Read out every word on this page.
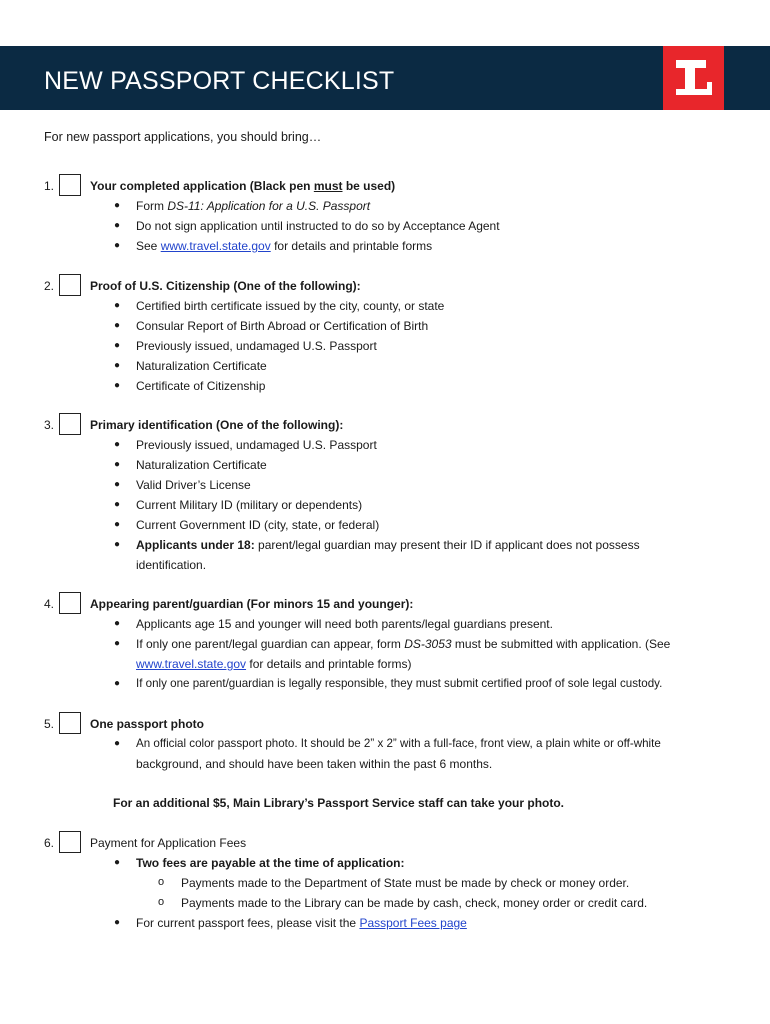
NEW PASSPORT CHECKLIST
For new passport applications, you should bring…
1.	Your completed application (Black pen must be used)
● Form DS-11: Application for a U.S. Passport
● Do not sign application until instructed to do so by Acceptance Agent
● See www.travel.state.gov for details and printable forms
2.	Proof of U.S. Citizenship (One of the following):
● Certified birth certificate issued by the city, county, or state
● Consular Report of Birth Abroad or Certification of Birth
● Previously issued, undamaged U.S. Passport
● Naturalization Certificate
● Certificate of Citizenship
3.	Primary identification (One of the following):
● Previously issued, undamaged U.S. Passport
● Naturalization Certificate
● Valid Driver’s License
● Current Military ID (military or dependents)
● Current Government ID (city, state, or federal)
● Applicants under 18: parent/legal guardian may present their ID if applicant does not possess
identification.
4.	Appearing parent/guardian (For minors 15 and younger):
● Applicants age 15 and younger will need both parents/legal guardians present.
● If only one parent/legal guardian can appear, form DS-3053 must be submitted with application. (See
www.travel.state.gov for details and printable forms)
● If only one parent/guardian is legally responsible, they must submit certified proof of sole legal custody.
5.	One passport photo
● An official color passport photo. It should be 2” x 2” with a full-face, front view, a plain white or off-white
background, and should have been taken within the past 6 months.
For an additional $5, Main Library’s Passport Service staff can take your photo.
6.	Payment for Application Fees
● Two fees are payable at the time of application:
o Payments made to the Department of State must be made by check or money order.
o Payments made to the Library can be made by cash, check, money order or credit card.
● For current passport fees, please visit the Passport Fees page
